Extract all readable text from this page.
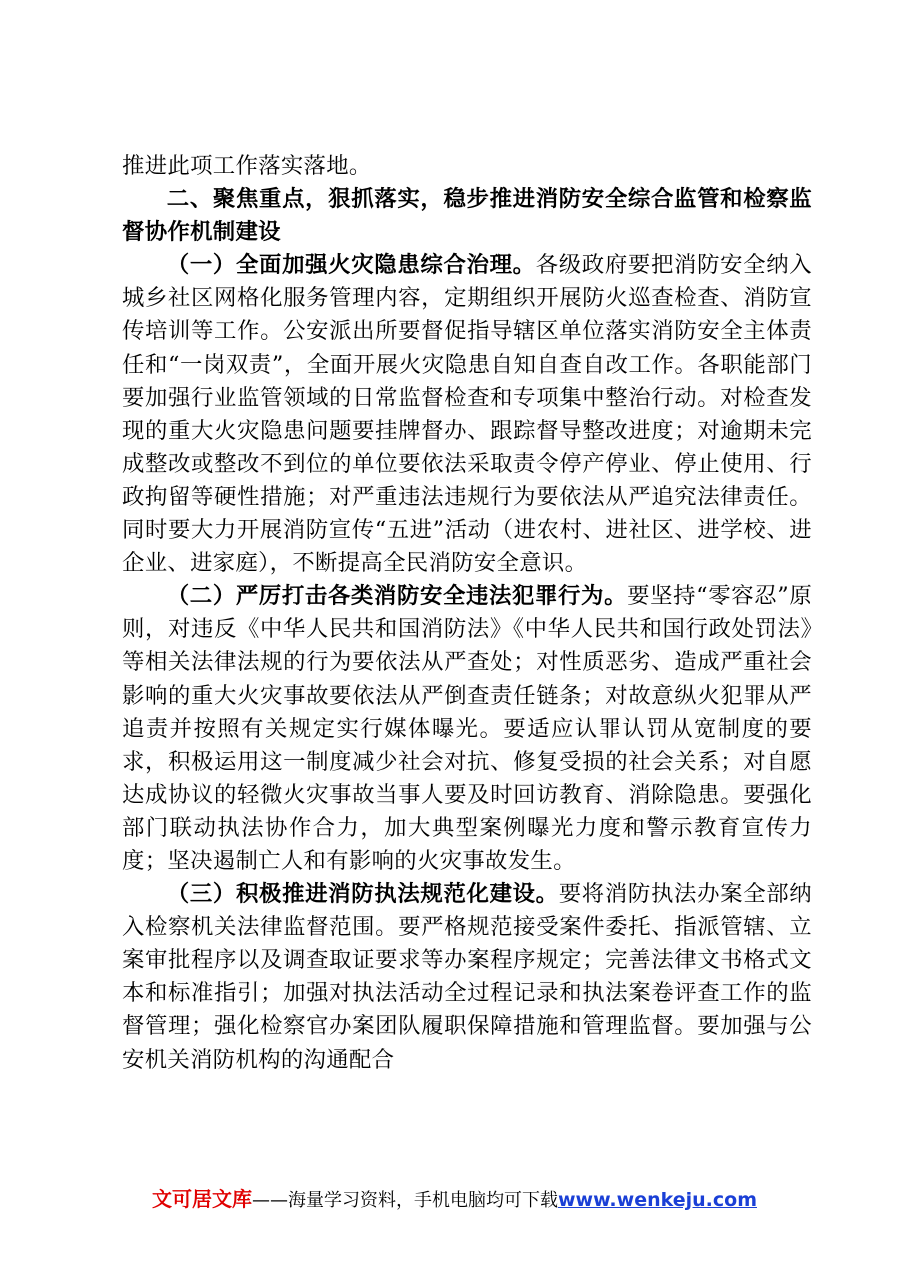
推进此项工作落实落地。

二、聚焦重点，狠抓落实，稳步推进消防安全综合监管和检察监督协作机制建设

（一）全面加强火灾隐患综合治理。各级政府要把消防安全纳入城乡社区网格化服务管理内容，定期组织开展防火巡查检查、消防宣传培训等工作。公安派出所要督促指导辖区单位落实消防安全主体责任和“一岗双责”，全面开展火灾隐患自知自查自改工作。各职能部门要加强行业监管领域的日常监督检查和专项集中整治行动。对检查发现的重大火灾隐患问题要挂牌督办、跟踪督导整改进度；对逾期未完成整改或整改不到位的单位要依法采取责令停产停业、停止使用、行政拘留等硬性措施；对严重违法违规行为要依法从严追究法律责任。同时要大力开展消防宣传“五进”活动（进农村、进社区、进学校、进企业、进家庭），不断提高全民消防安全意识。

（二）严厉打击各类消防安全违法犯罪行为。要坚持“零容忍”原则，对违反《中华人民共和国消防法》《中华人民共和国行政处罚法》等相关法律法规的行为要依法从严查处；对性质恶劣、造成严重社会影响的重大火灾事故要依法从严倒查责任链条；对故意纵火犯罪从严追责并按照有关规定实行媒体曝光。要适应认罪认罚从宽制度的要求，积极运用这一制度减少社会对抗、修复受损的社会关系；对自愿达成协议的轻微火灾事故当事人要及时回访教育、消除隐患。要强化部门联动执法协作合力，加大典型案例曝光力度和警示教育宣传力度；坚决遏制亡人和有影响的火灾事故发生。

（三）积极推进消防执法规范化建设。要将消防执法办案全部纳入检察机关法律监督范围。要严格规范接受案件委托、指派管辖、立案审批程序以及调查取证要求等办案程序规定；完善法律文书格式文本和标准指引；加强对执法活动全过程记录和执法案卷评查工作的监督管理；强化检察官办案团队履职保障措施和管理监督。要加强与公安机关消防机构的沟通配合

文可居文库——海量学习资料，手机电脑均可下载www.wenkeju.com
